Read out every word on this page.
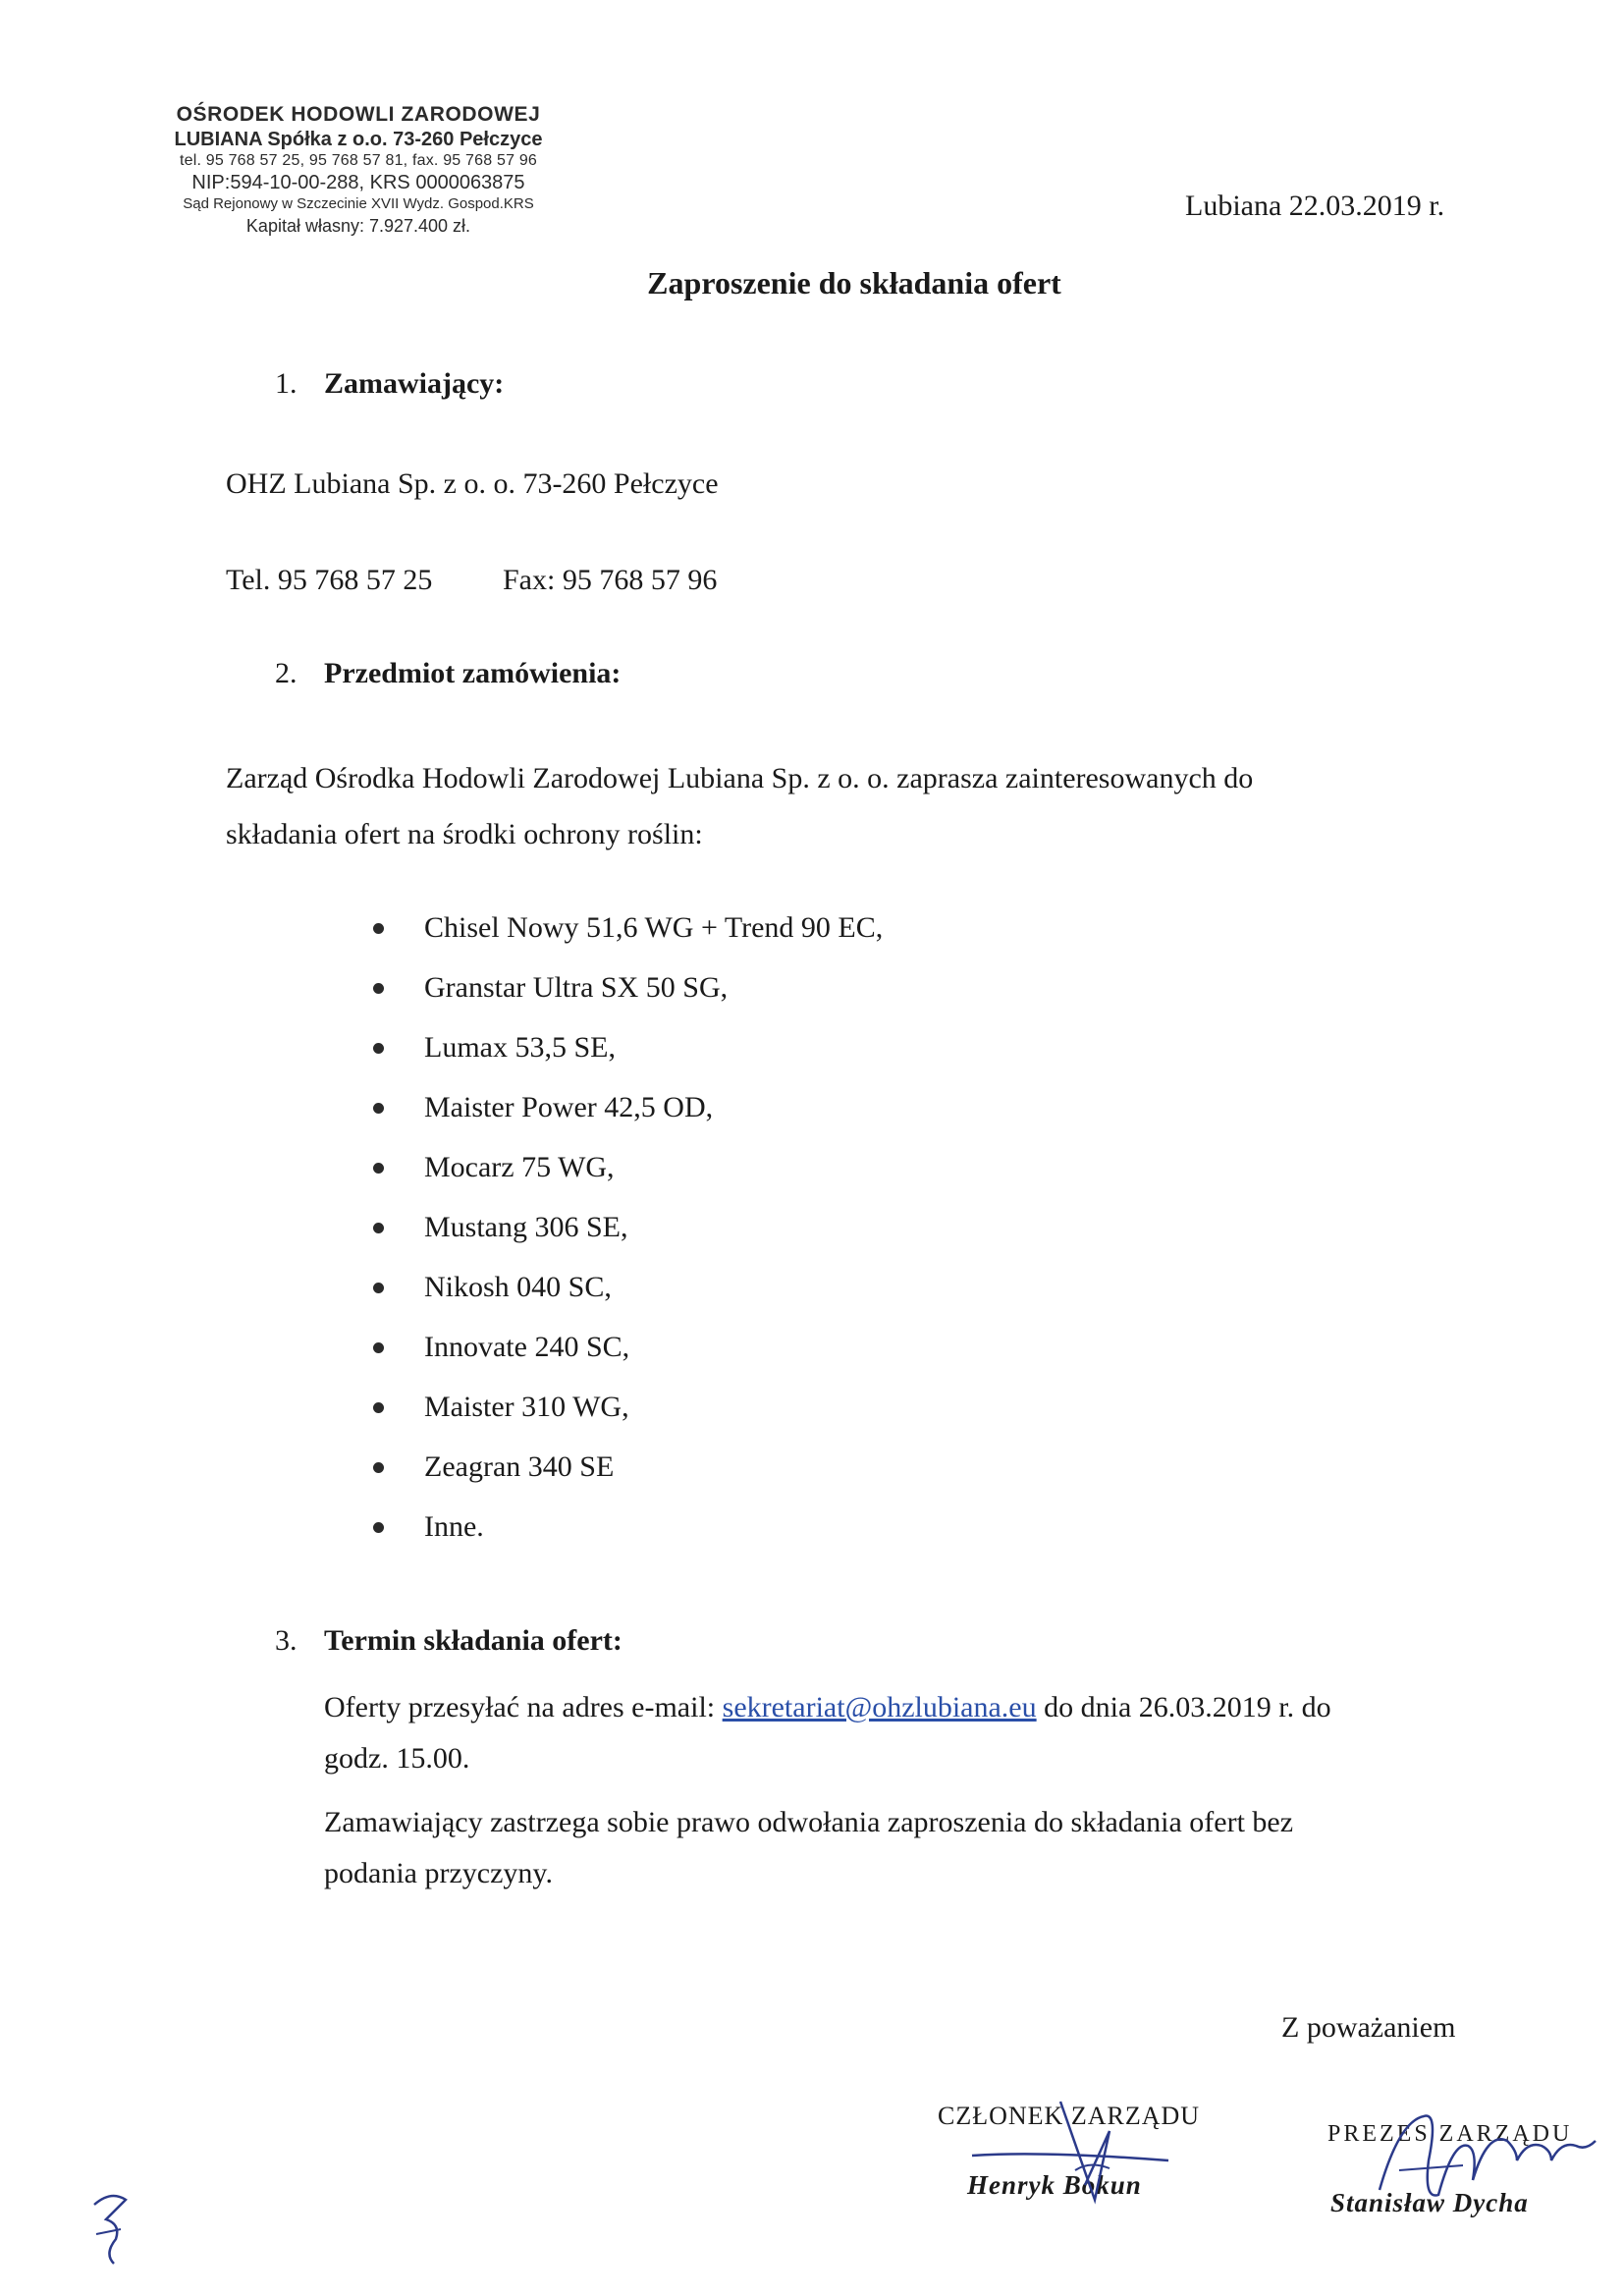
OŚRODEK HODOWLI ZARODOWEJ
LUBIANA Spółka z o.o. 73-260 Pełczyce
tel. 95 768 57 25, 95 768 57 81, fax. 95 768 57 96
NIP:594-10-00-288, KRS 0000063875
Sąd Rejonowy w Szczecinie XVII Wydz. Gospod.KRS
Kapitał własny: 7.927.400 zł.
Lubiana 22.03.2019 r.
Zaproszenie do składania ofert
1. Zamawiający:
OHZ Lubiana Sp. z o. o. 73-260 Pełczyce
Tel. 95 768 57 25 Fax: 95 768 57 96
2. Przedmiot zamówienia:
Zarząd Ośrodka Hodowli Zarodowej Lubiana Sp. z o. o. zaprasza zainteresowanych do
składania ofert na środki ochrony roślin:
Chisel Nowy 51,6 WG + Trend 90 EC,
Granstar Ultra SX 50 SG,
Lumax 53,5 SE,
Maister Power 42,5 OD,
Mocarz 75 WG,
Mustang 306 SE,
Nikosh 040 SC,
Innovate 240 SC,
Maister 310 WG,
Zeagran 340 SE
Inne.
3. Termin składania ofert:
Oferty przesyłać na adres e-mail: sekretariat@ohzlubiana.eu do dnia 26.03.2019 r. do
godz. 15.00.
Zamawiający zastrzega sobie prawo odwołania zaproszenia do składania ofert bez
podania przyczyny.
Z poważaniem
CZŁONEK ZARZĄDU
Henryk Bokun
PREZES ZARZĄDU
Stanisław Dycha
